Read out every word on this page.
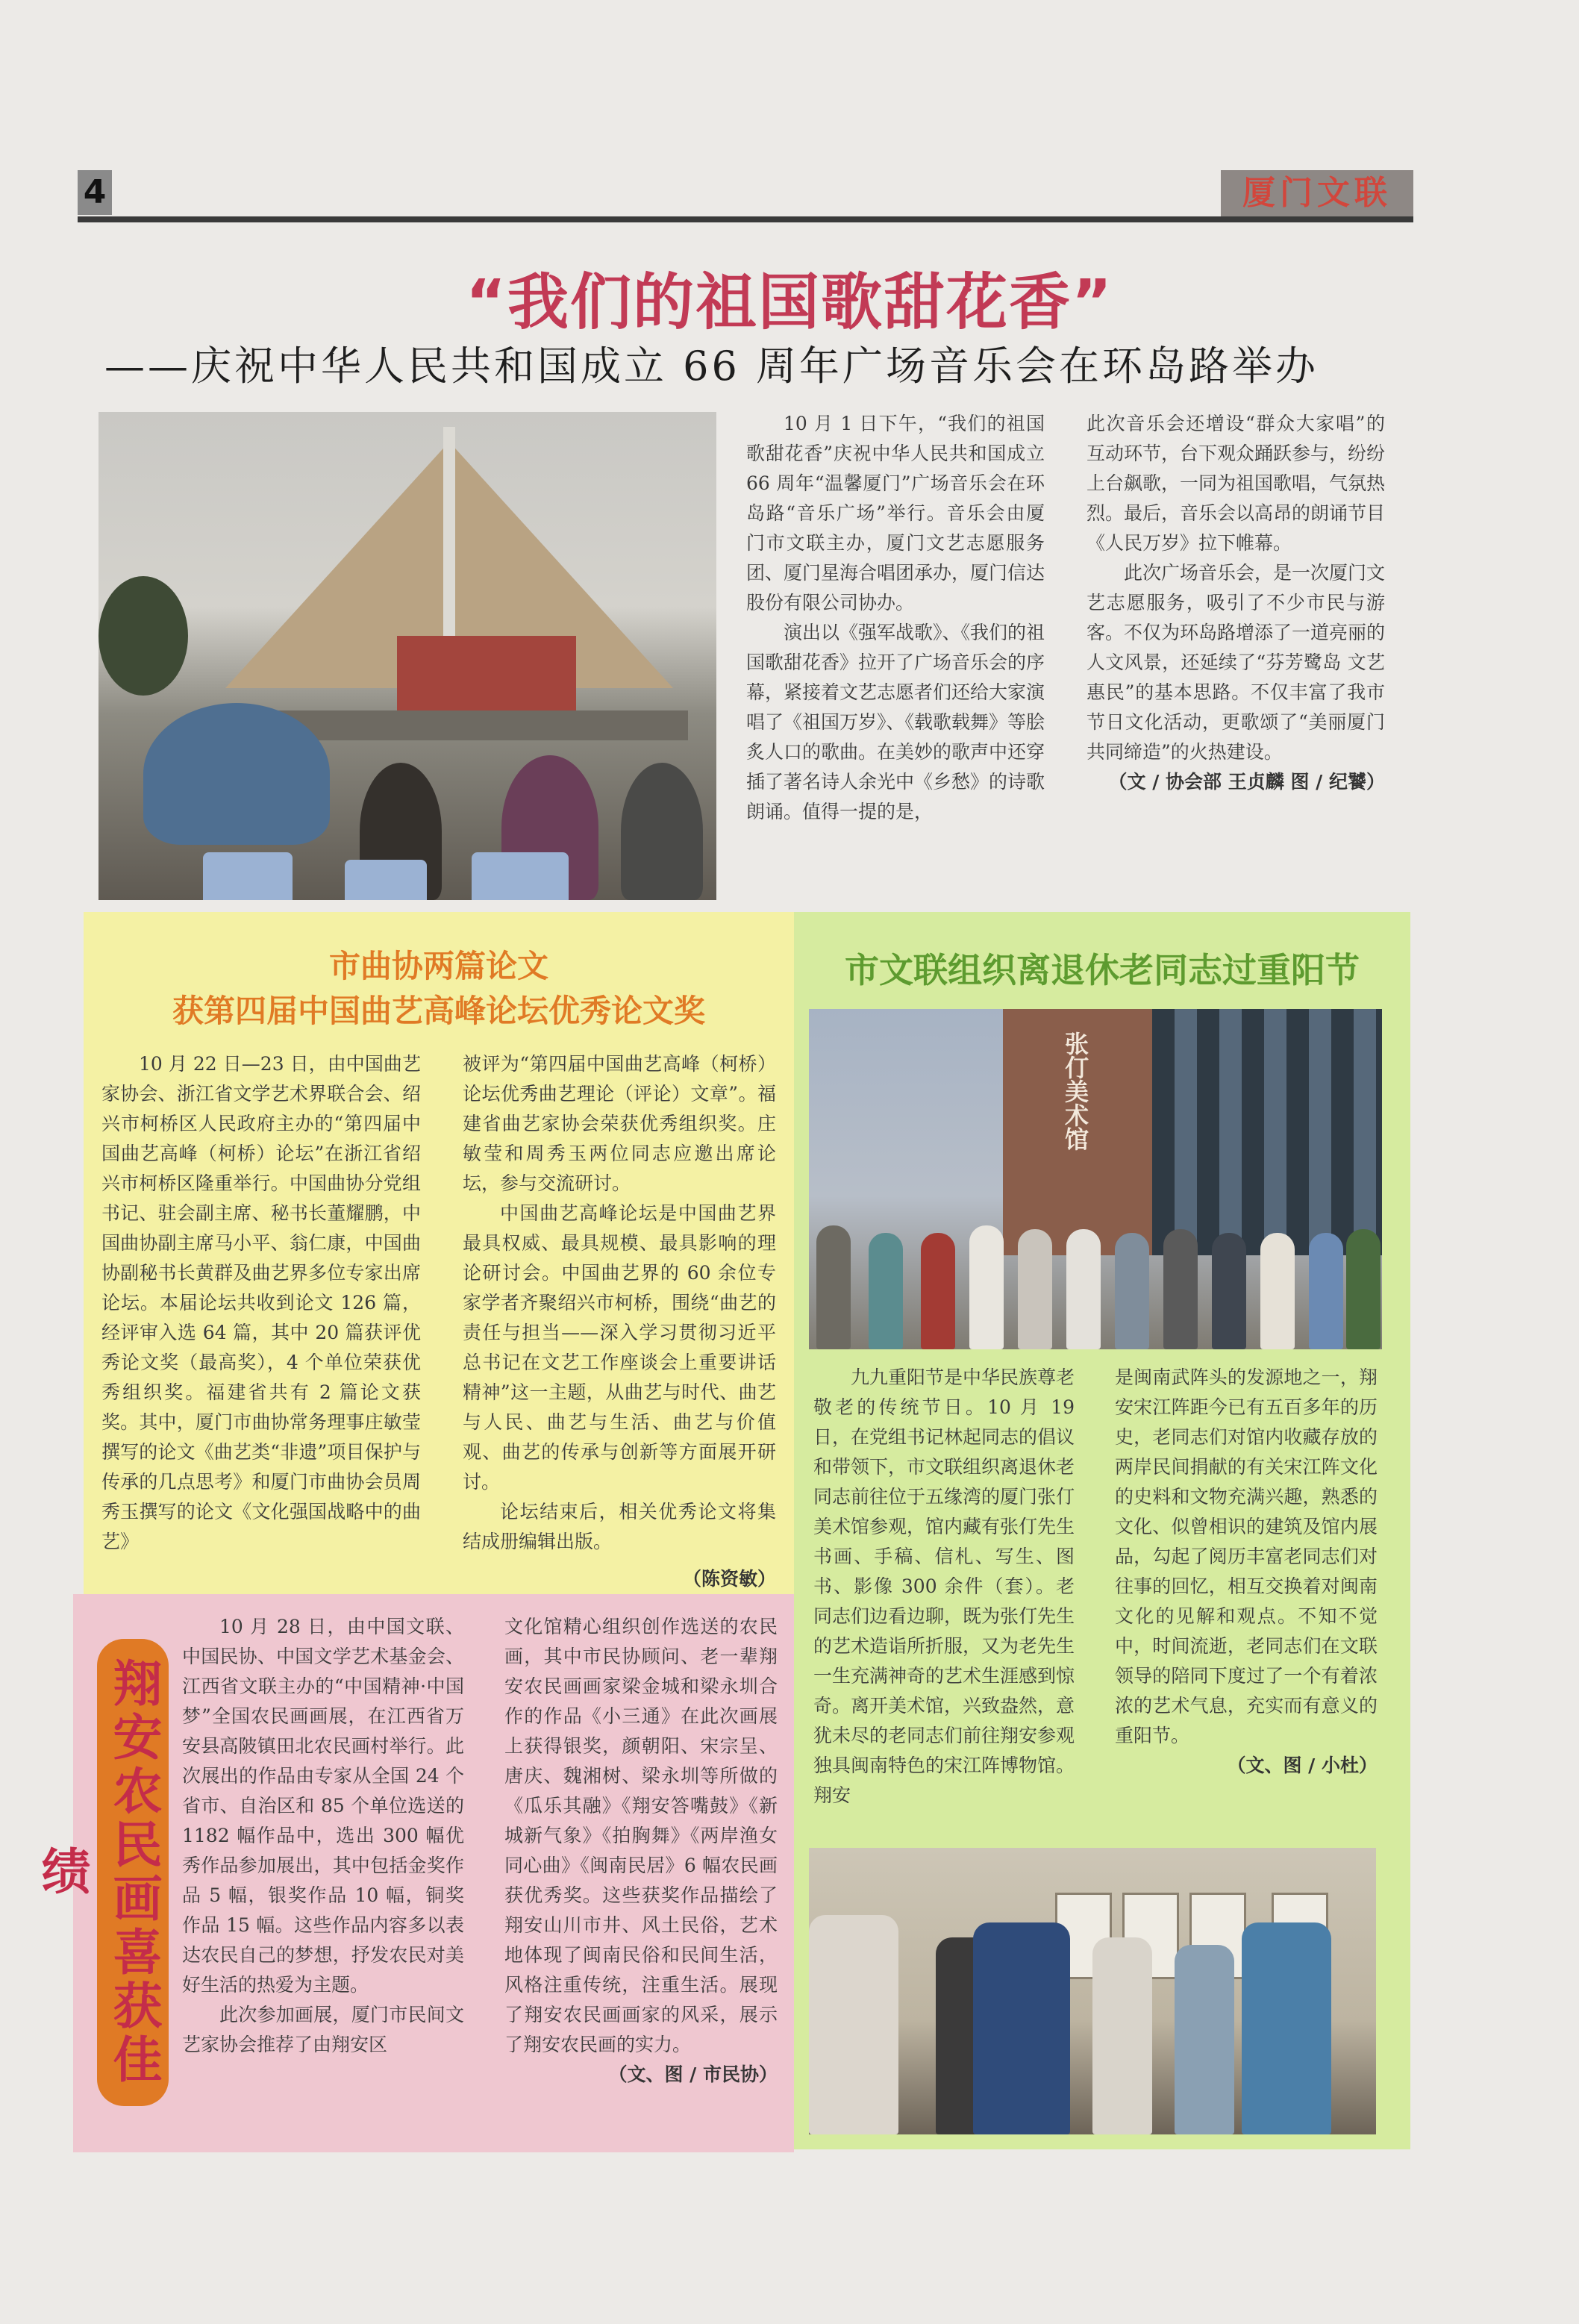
4	厦门文联
“我们的祖国歌甜花香”
——庆祝中华人民共和国成立 66 周年广场音乐会在环岛路举办

10 月 1 日下午，“我们的祖国歌甜花香”庆祝中华人民共和国成立 66 周年“温馨厦门”广场音乐会在环岛路“音乐广场”举行。音乐会由厦门市文联主办，厦门文艺志愿服务团、厦门星海合唱团承办，厦门信达股份有限公司协办。

演出以《强军战歌》、《我们的祖国歌甜花香》拉开了广场音乐会的序幕，紧接着文艺志愿者们还给大家演唱了《祖国万岁》、《载歌载舞》等脍炙人口的歌曲。在美妙的歌声中还穿插了著名诗人余光中《乡愁》的诗歌朗诵。值得一提的是，

此次音乐会还增设“群众大家唱”的互动环节，台下观众踊跃参与，纷纷上台飙歌，一同为祖国歌唱，气氛热烈。最后，音乐会以高昂的朗诵节目《人民万岁》拉下帷幕。

此次广场音乐会，是一次厦门文艺志愿服务，吸引了不少市民与游客。不仅为环岛路增添了一道亮丽的人文风景，还延续了“芬芳鹭岛 文艺惠民”的基本思路。不仅丰富了我市节日文化活动，更歌颂了“美丽厦门 共同缔造”的火热建设。

（文 / 协会部 王贞麟 图 / 纪饕）
市曲协两篇论文
获第四届中国曲艺高峰论坛优秀论文奖

10 月 22 日—23 日，由中国曲艺家协会、浙江省文学艺术界联合会、绍兴市柯桥区人民政府主办的“第四届中国曲艺高峰（柯桥）论坛”在浙江省绍兴市柯桥区隆重举行。中国曲协分党组书记、驻会副主席、秘书长董耀鹏，中国曲协副主席马小平、翁仁康，中国曲协副秘书长黄群及曲艺界多位专家出席论坛。本届论坛共收到论文 126 篇，经评审入选 64 篇，其中 20 篇获评优秀论文奖（最高奖），4 个单位荣获优秀组织奖。福建省共有 2 篇论文获奖。其中，厦门市曲协常务理事庄敏莹撰写的论文《曲艺类“非遗”项目保护与传承的几点思考》和厦门市曲协会员周秀玉撰写的论文《文化强国战略中的曲艺》

被评为“第四届中国曲艺高峰（柯桥）论坛优秀曲艺理论（评论）文章”。福建省曲艺家协会荣获优秀组织奖。庄敏莹和周秀玉两位同志应邀出席论坛，参与交流研讨。

中国曲艺高峰论坛是中国曲艺界最具权威、最具规模、最具影响的理论研讨会。中国曲艺界的 60 余位专家学者齐聚绍兴市柯桥，围绕“曲艺的责任与担当——深入学习贯彻习近平总书记在文艺工作座谈会上重要讲话精神”这一主题，从曲艺与时代、曲艺与人民、曲艺与生活、曲艺与价值观、曲艺的传承与创新等方面展开研讨。

论坛结束后，相关优秀论文将集结成册编辑出版。

（陈资敏）
市文联组织离退休老同志过重阳节
张仃美术馆

九九重阳节是中华民族尊老敬老的传统节日。10 月 19 日，在党组书记林起同志的倡议和带领下，市文联组织离退休老同志前往位于五缘湾的厦门张仃美术馆参观，馆内藏有张仃先生书画、手稿、信札、写生、图书、影像 300 余件（套）。老同志们边看边聊，既为张仃先生的艺术造诣所折服，又为老先生一生充满神奇的艺术生涯感到惊奇。离开美术馆，兴致盎然，意犹未尽的老同志们前往翔安参观独具闽南特色的宋江阵博物馆。翔安

是闽南武阵头的发源地之一，翔安宋江阵距今已有五百多年的历史，老同志们对馆内收藏存放的两岸民间捐献的有关宋江阵文化的史料和文物充满兴趣，熟悉的文化、似曾相识的建筑及馆内展品，勾起了阅历丰富老同志们对往事的回忆，相互交换着对闽南文化的见解和观点。不知不觉中，时间流逝，老同志们在文联领导的陪同下度过了一个有着浓浓的艺术气息，充实而有意义的重阳节。

（文、图 / 小杜）
翔安农民画喜获佳绩

10 月 28 日，由中国文联、中国民协、中国文学艺术基金会、江西省文联主办的“中国精神·中国梦”全国农民画画展，在江西省万安县高陂镇田北农民画村举行。此次展出的作品由专家从全国 24 个省市、自治区和 85 个单位选送的 1182 幅作品中，选出 300 幅优秀作品参加展出，其中包括金奖作品 5 幅，银奖作品 10 幅，铜奖作品 15 幅。这些作品内容多以表达农民自己的梦想，抒发农民对美好生活的热爱为主题。

此次参加画展，厦门市民间文艺家协会推荐了由翔安区

文化馆精心组织创作选送的农民画，其中市民协顾问、老一辈翔安农民画画家梁金城和梁永圳合作的作品《小三通》在此次画展上获得银奖，颜朝阳、宋宗呈、唐庆、魏湘树、梁永圳等所做的《瓜乐其融》《翔安答嘴鼓》《新城新气象》《拍胸舞》《两岸渔女同心曲》《闽南民居》6 幅农民画获优秀奖。这些获奖作品描绘了翔安山川市井、风土民俗，艺术地体现了闽南民俗和民间生活，风格注重传统，注重生活。展现了翔安农民画画家的风采，展示了翔安农民画的实力。

（文、图 / 市民协）
